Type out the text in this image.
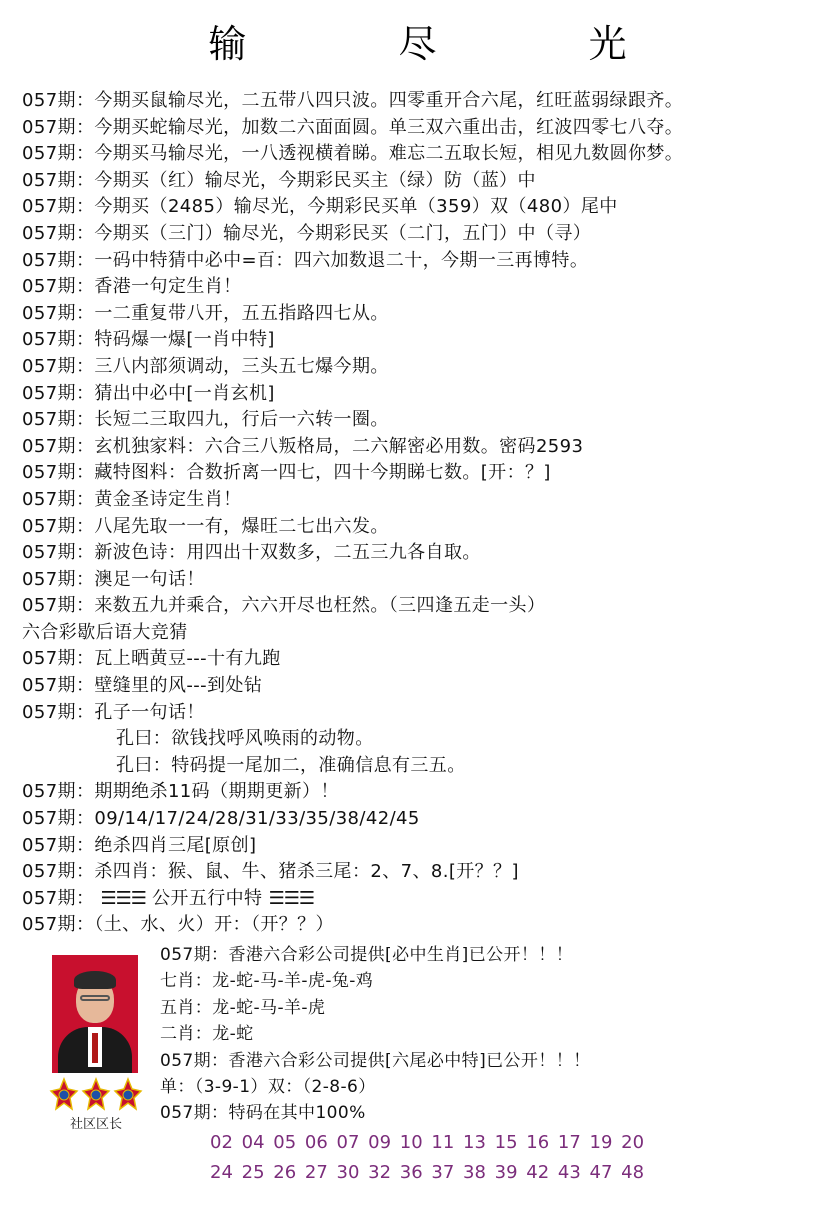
输 尽 光
057期：今期买鼠输尽光，二五带八四只波。四零重开合六尾，红旺蓝弱绿跟齐。
057期：今期买蛇输尽光，加数二六面面圆。单三双六重出击，红波四零七八夺。
057期：今期买马输尽光，一八透视横着睇。难忘二五取长短，相见九数圆你梦。
057期：今期买（红）输尽光，今期彩民买主（绿）防（蓝）中
057期：今期买（2485）输尽光，今期彩民买单（359）双（480）尾中
057期：今期买（三门）输尽光，今期彩民买（二门，五门）中（寻）
057期：一码中特猜中必中=百：四六加数退二十，今期一三再博特。
057期：香港一句定生肖！
057期：一二重复带八开，五五指路四七从。
057期：特码爆一爆[一肖中特]
057期：三八内部须调动，三头五七爆今期。
057期：猜出中必中[一肖玄机]
057期：长短二三取四九，行后一六转一圈。
057期：玄机独家料：六合三八叛格局，二六解密必用数。密码2593
057期：藏特图料：合数折离一四七，四十今期睇七数。[开：？]
057期：黄金圣诗定生肖！
057期：八尾先取一一有，爆旺二七出六发。
057期：新波色诗：用四出十双数多，二五三九各自取。
057期：澳足一句话！
057期：来数五九并乘合，六六开尽也枉然。（三四逢五走一头）
六合彩歇后语大竞猜
057期：瓦上晒黄豆---十有九跑
057期：壁缝里的风---到处钻
057期：孔子一句话！
孔曰：欲钱找呼风唤雨的动物。
孔曰：特码提一尾加二，准确信息有三五。
057期：期期绝杀11码（期期更新）！
057期：09/14/17/24/28/31/33/35/38/42/45
057期：绝杀四肖三尾[原创]
057期：杀四肖：猴、鼠、牛、猪杀三尾：2、7、8.[开？？]
057期： ☰☰☰ 公开五行中特 ☰☰☰
057期：（土、水、火）开：（开？？）
社区区长
057期：香港六合彩公司提供[必中生肖]已公开！！！
七肖：龙-蛇-马-羊-虎-兔-鸡
五肖：龙-蛇-马-羊-虎
二肖：龙-蛇
057期：香港六合彩公司提供[六尾必中特]已公开！！！
单：（3-9-1）双：（2-8-6）
057期：特码在其中100%
02 04 05 06 07 09 10 11 13 15 16 17 19 20
24 25 26 27 30 32 36 37 38 39 42 43 47 48
